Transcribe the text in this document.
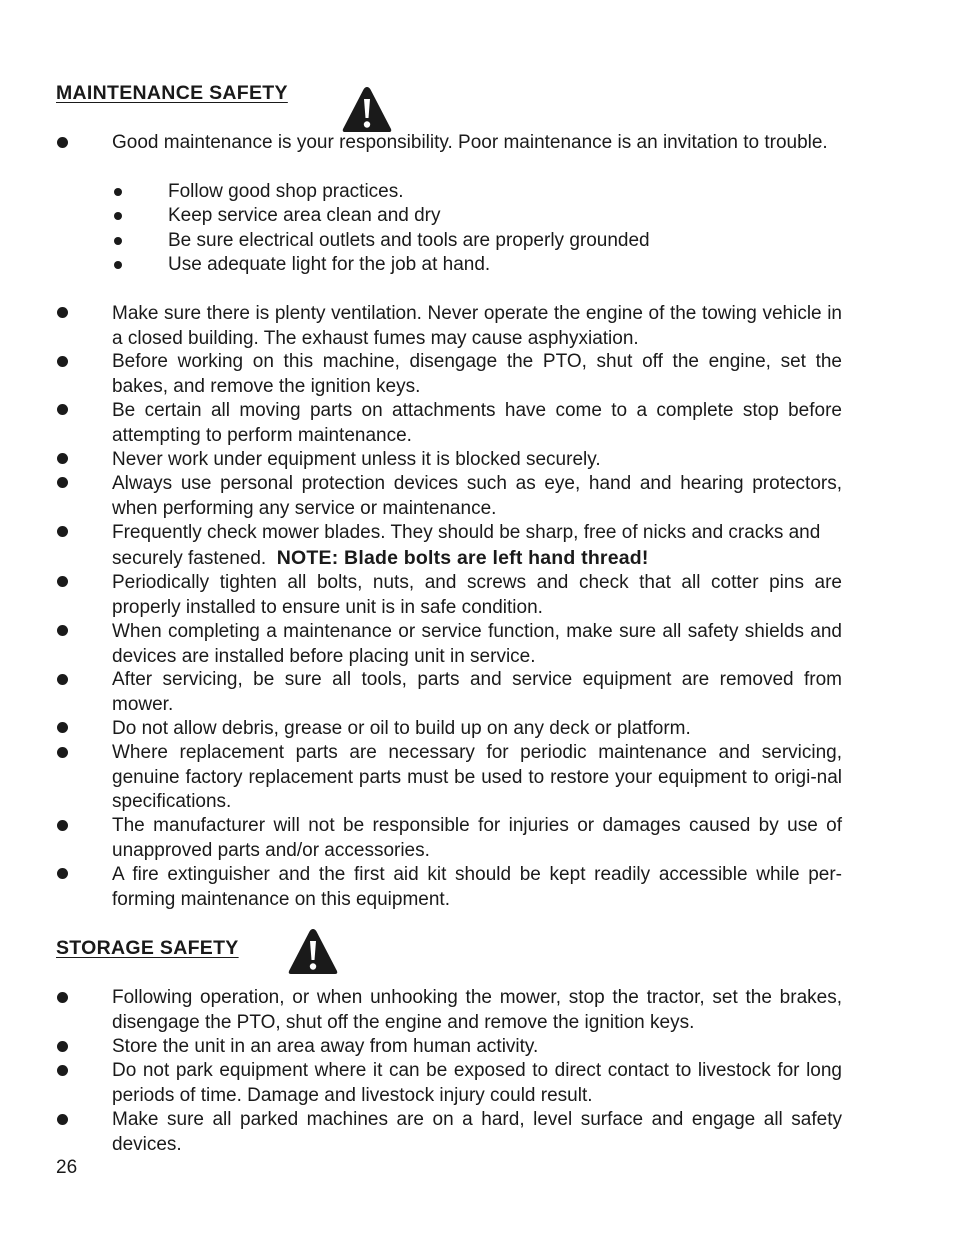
MAINTENANCE SAFETY
Good maintenance is your responsibility. Poor maintenance is an invitation to trouble.
Follow good shop practices.
Keep service area clean and dry
Be sure electrical outlets and tools are properly grounded
Use adequate light for the job at hand.
Make sure there is plenty ventilation. Never operate the engine of the towing vehicle in a closed building. The exhaust fumes may cause asphyxiation.
Before working on this machine, disengage the PTO, shut off the engine, set the bakes, and remove the ignition keys.
Be certain all moving parts on attachments have come to a complete stop before attempting to perform maintenance.
Never work under equipment unless it is blocked securely.
Always use personal protection devices such as eye, hand and hearing protectors, when performing any service or maintenance.
Frequently check mower blades. They should be sharp, free of nicks and cracks and securely fastened. NOTE: Blade bolts are left hand thread!
Periodically tighten all bolts, nuts, and screws and check that all cotter pins are properly installed to ensure unit is in safe condition.
When completing a maintenance or service function, make sure all safety shields and devices are installed before placing unit in service.
After servicing, be sure all tools, parts and service equipment are removed from mower.
Do not allow debris, grease or oil to build up on any deck or platform.
Where replacement parts are necessary for periodic maintenance and servicing, genuine factory replacement parts must be used to restore your equipment to origi-nal specifications.
The manufacturer will not be responsible for injuries or damages caused by use of unapproved parts and/or accessories.
A fire extinguisher and the first aid kit should be kept readily accessible while per-forming maintenance on this equipment.
STORAGE SAFETY
Following operation, or when unhooking the mower, stop the tractor, set the brakes, disengage the PTO, shut off the engine and remove the ignition keys.
Store the unit in an area away from human activity.
Do not park equipment where it can be exposed to direct contact to livestock for long periods of time. Damage and livestock injury could result.
Make sure all parked machines are on a hard, level surface and engage all safety devices.
26
